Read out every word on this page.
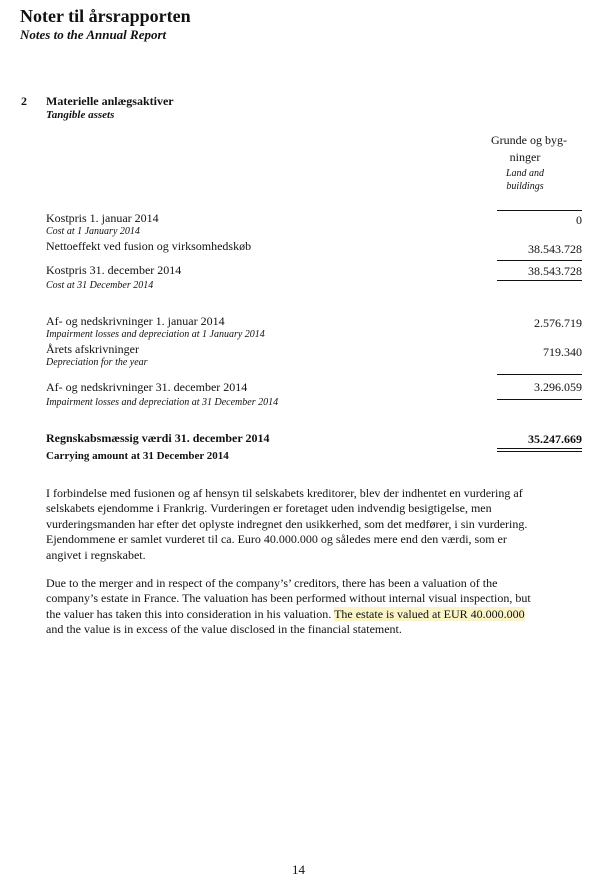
Noter til årsrapporten
Notes to the Annual Report
2 Materielle anlægsaktiver
Tangible assets
Grunde og byg-
ninger
Land and
buildings
Kostpris 1. januar 2014
Cost at 1 January 2014
0
Nettoeffekt ved fusion og virksomhedskøb	38.543.728
Kostpris 31. december 2014
Cost at 31 December 2014
38.543.728
Af- og nedskrivninger 1. januar 2014
Impairment losses and depreciation at 1 January 2014
2.576.719
Årets afskrivninger
Depreciation for the year
719.340
Af- og nedskrivninger 31. december 2014
Impairment losses and depreciation at 31 December 2014
3.296.059
Regnskabsmæssig værdi 31. december 2014
Carrying amount at 31 December 2014
35.247.669
I forbindelse med fusionen og af hensyn til selskabets kreditorer, blev der indhentet en vurdering af
selskabets ejendomme i Frankrig. Vurderingen er foretaget uden indvendig besigtigelse, men
vurderingsmanden har efter det oplyste indregnet den usikkerhed, som det medfører, i sin vurdering.
Ejendommene er samlet vurderet til ca. Euro 40.000.000 og således mere end den værdi, som er
angivet i regnskabet.
Due to the merger and in respect of the company’s’ creditors, there has been a valuation of the
company’s estate in France. The valuation has been performed without internal visual inspection, but
the valuer has taken this into consideration in his valuation. The estate is valued at EUR 40.000.000
and the value is in excess of the value disclosed in the financial statement.
14
